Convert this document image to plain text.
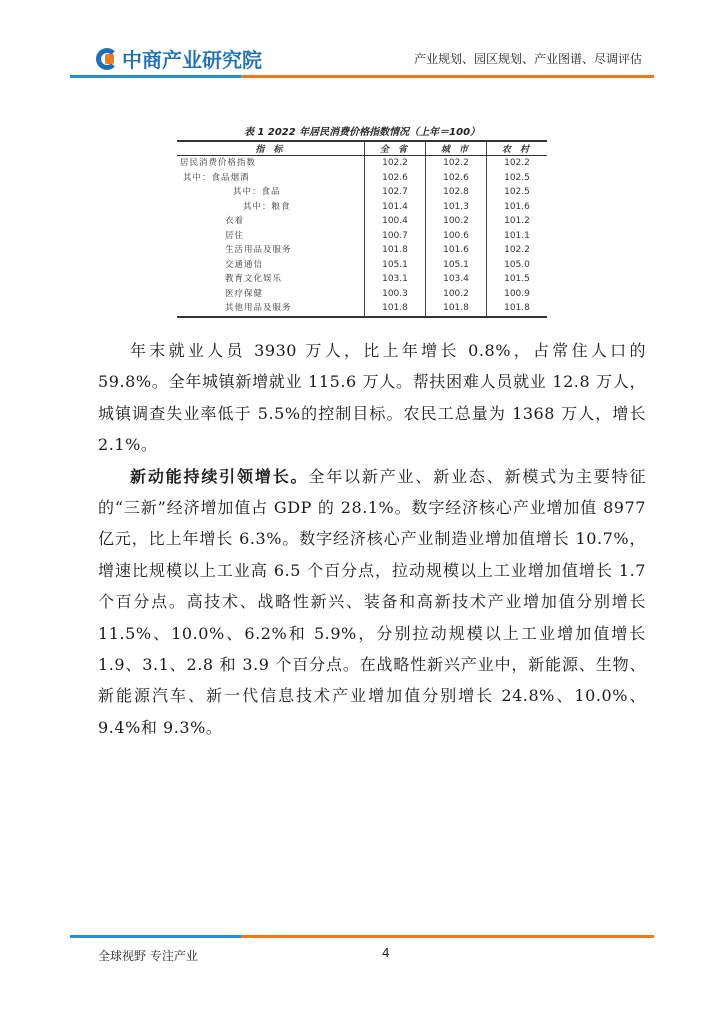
中商产业研究院	产业规划、园区规划、产业图谱、尽调评估
表 1 2022 年居民消费价格指数情况（上年＝100）
指 标	全 省	城 市	农 村
居民消费价格指数	102.2	102.2	102.2
其中：食品烟酒	102.6	102.6	102.5
其中：食品	102.7	102.8	102.5
其中：粮食	101.4	101.3	101.6
衣着	100.4	100.2	101.2
居住	100.7	100.6	101.1
生活用品及服务	101.8	101.6	102.2
交通通信	105.1	105.1	105.0
教育文化娱乐	103.1	103.4	101.5
医疗保健	100.3	100.2	100.9
其他用品及服务	101.8	101.8	101.8

年末就业人员 3930 万人，比上年增长 0.8%，占常住人口的 59.8%。全年城镇新增就业 115.6 万人。帮扶困难人员就业 12.8 万人，城镇调查失业率低于 5.5%的控制目标。农民工总量为 1368 万人，增长 2.1%。

新动能持续引领增长。全年以新产业、新业态、新模式为主要特征的“三新”经济增加值占 GDP 的 28.1%。数字经济核心产业增加值 8977 亿元，比上年增长 6.3%。数字经济核心产业制造业增加值增长 10.7%，增速比规模以上工业高 6.5 个百分点，拉动规模以上工业增加值增长 1.7 个百分点。高技术、战略性新兴、装备和高新技术产业增加值分别增长 11.5%、10.0%、6.2%和 5.9%，分别拉动规模以上工业增加值增长 1.9、3.1、2.8 和 3.9 个百分点。在战略性新兴产业中，新能源、生物、新能源汽车、新一代信息技术产业增加值分别增长 24.8%、10.0%、9.4%和 9.3%。

全球视野 专注产业	4
